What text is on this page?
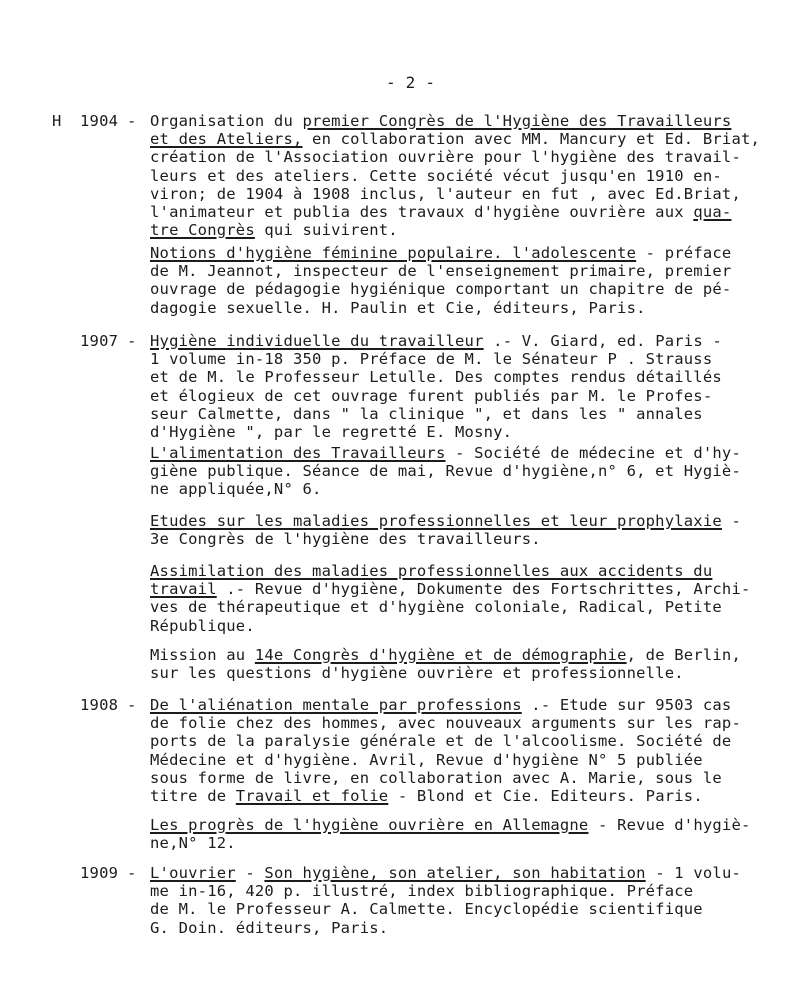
- 2 -
H 1904 - Organisation du premier Congrès de l'Hygiène des Travailleurs

et des Ateliers, en collaboration avec MM. Mancury et Ed. Briat,

création de l'Association ouvrière pour l'hygiène des travail-

leurs et des ateliers. Cette société vécut jusqu'en 1910 en-

viron; de 1904 à 1908 inclus, l'auteur en fut , avec Ed.Briat,

l'animateur et publia des travaux d'hygiène ouvrière aux qua-

tre Congrès qui suivirent.

Notions d'hygiène féminine populaire. l'adolescente - préface

de M. Jeannot, inspecteur de l'enseignement primaire, premier

ouvrage de pédagogie hygiénique comportant un chapitre de pé-

dagogie sexuelle. H. Paulin et Cie, éditeurs, Paris.

1907 - Hygiène individuelle du travailleur .- V. Giard, ed. Paris -

1 volume in-18 350 p. Préface de M. le Sénateur P . Strauss

et de M. le Professeur Letulle. Des comptes rendus détaillés

et élogieux de cet ouvrage furent publiés par M. le Profes-

seur Calmette, dans " la clinique ", et dans les " annales

d'Hygiène ", par le regretté E. Mosny.

L'alimentation des Travailleurs - Société de médecine et d'hy-

giène publique. Séance de mai, Revue d'hygiène,n° 6, et Hygiè-

ne appliquée,N° 6.

Etudes sur les maladies professionnelles et leur prophylaxie -

3e Congrès de l'hygiène des travailleurs.

Assimilation des maladies professionnelles aux accidents du

travail .- Revue d'hygiène, Dokumente des Fortschrittes, Archi-

ves de thérapeutique et d'hygiène coloniale, Radical, Petite

République.

Mission au 14e Congrès d'hygiène et de démographie, de Berlin,

sur les questions d'hygiène ouvrière et professionnelle.

1908 - De l'aliénation mentale par professions .- Etude sur 9503 cas

de folie chez des hommes, avec nouveaux arguments sur les rap-

ports de la paralysie générale et de l'alcoolisme. Société de

Médecine et d'hygiène. Avril, Revue d'hygiène N° 5 publiée

sous forme de livre, en collaboration avec A. Marie, sous le

titre de Travail et folie - Blond et Cie. Editeurs. Paris.

Les progrès de l'hygiène ouvrière en Allemagne - Revue d'hygiè-

ne,N° 12.

1909 - L'ouvrier - Son hygiène, son atelier, son habitation - 1 volu-

me in-16, 420 p. illustré, index bibliographique. Préface

de M. le Professeur A. Calmette. Encyclopédie scientifique

G. Doin. éditeurs, Paris.
